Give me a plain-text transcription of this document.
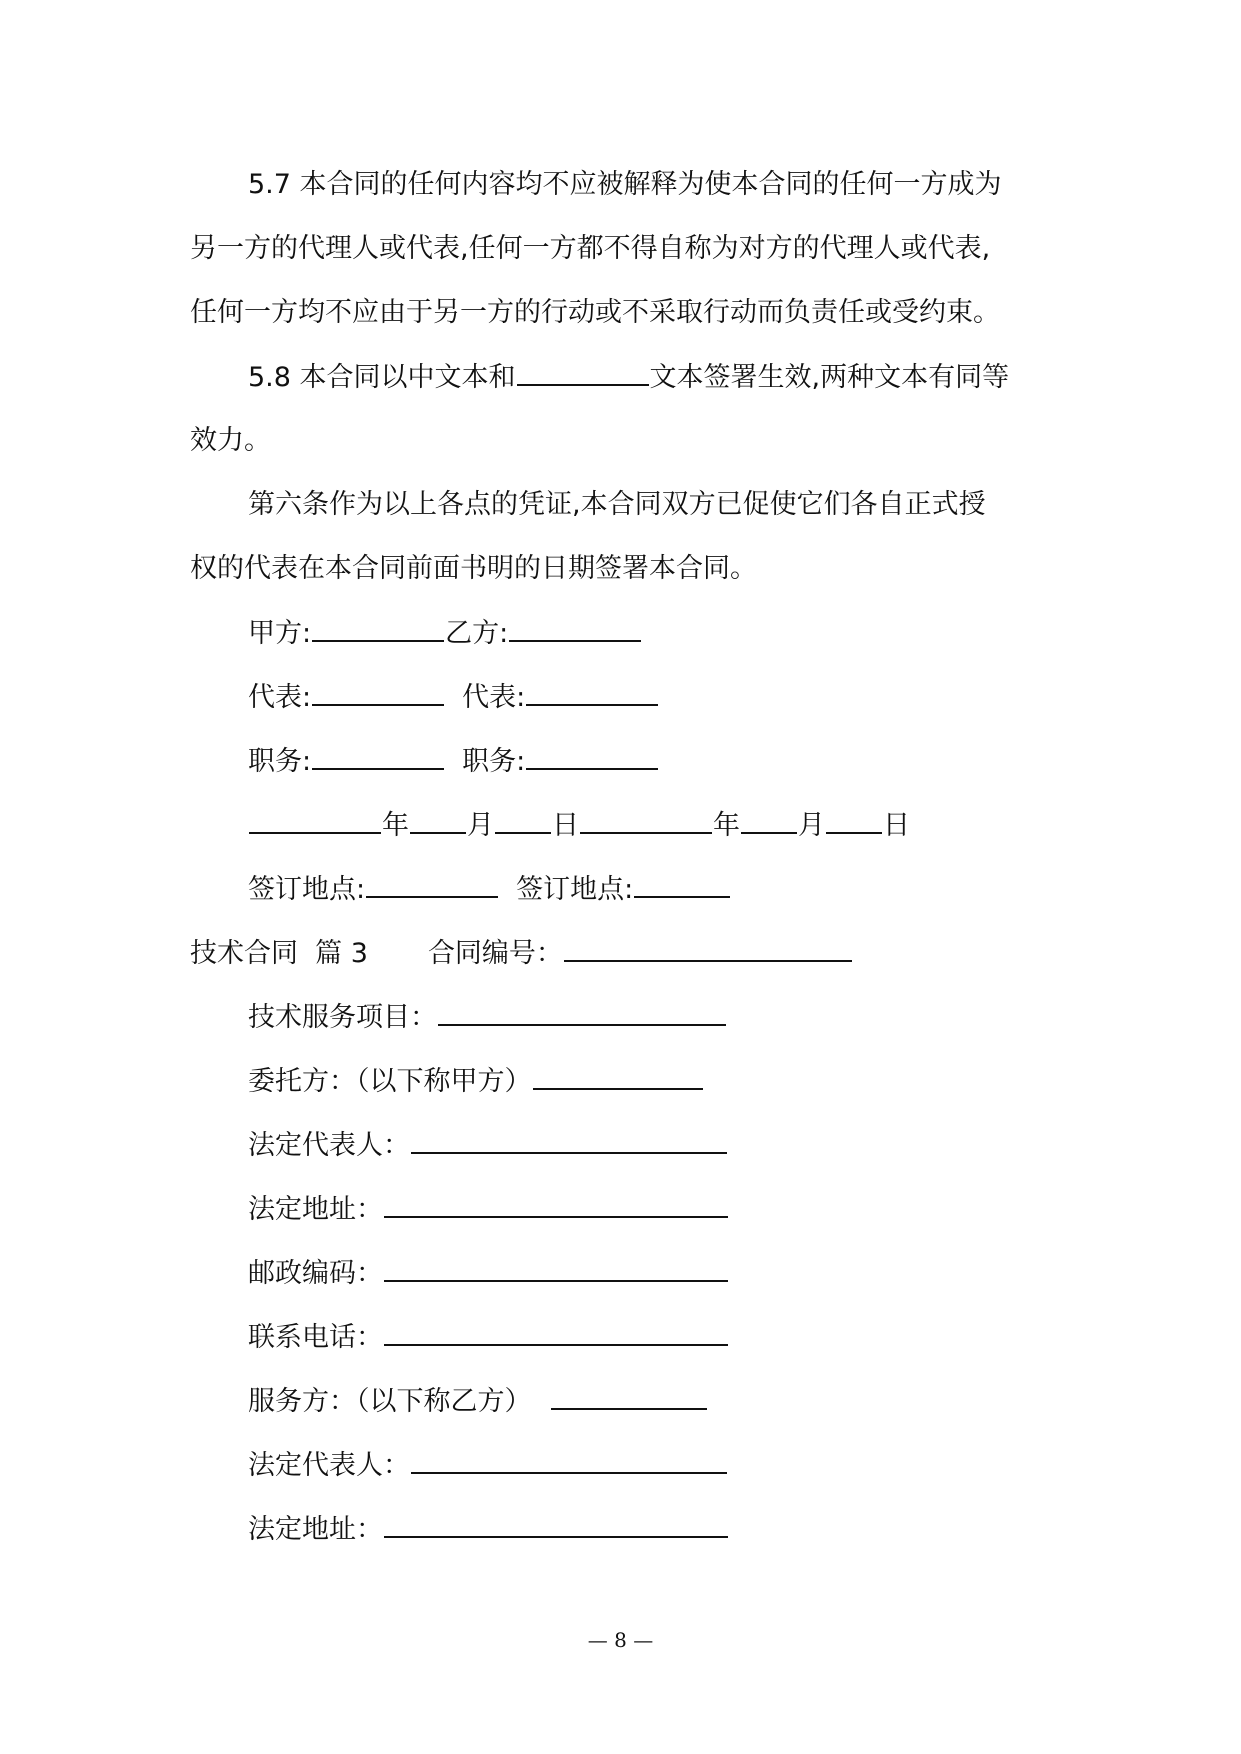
5.7 本合同的任何内容均不应被解释为使本合同的任何一方成为
另一方的代理人或代表,任何一方都不得自称为对方的代理人或代表,
任何一方均不应由于另一方的行动或不采取行动而负责任或受约束。
5.8 本合同以中文本和	文本签署生效,两种文本有同等
效力。
第六条作为以上各点的凭证,本合同双方已促使它们各自正式授
权的代表在本合同前面书明的日期签署本合同。
甲方:	乙方:
代表:	代表:
职务:	职务:
年 月 日	年 月 日
签订地点:	签订地点:
技术合同  篇 3 合同编号：
技术服务项目：
委托方：（以下称甲方）
法定代表人：
法定地址：
邮政编码：
联系电话：
服务方：（以下称乙方）
法定代表人：
法定地址：
— 8 —
